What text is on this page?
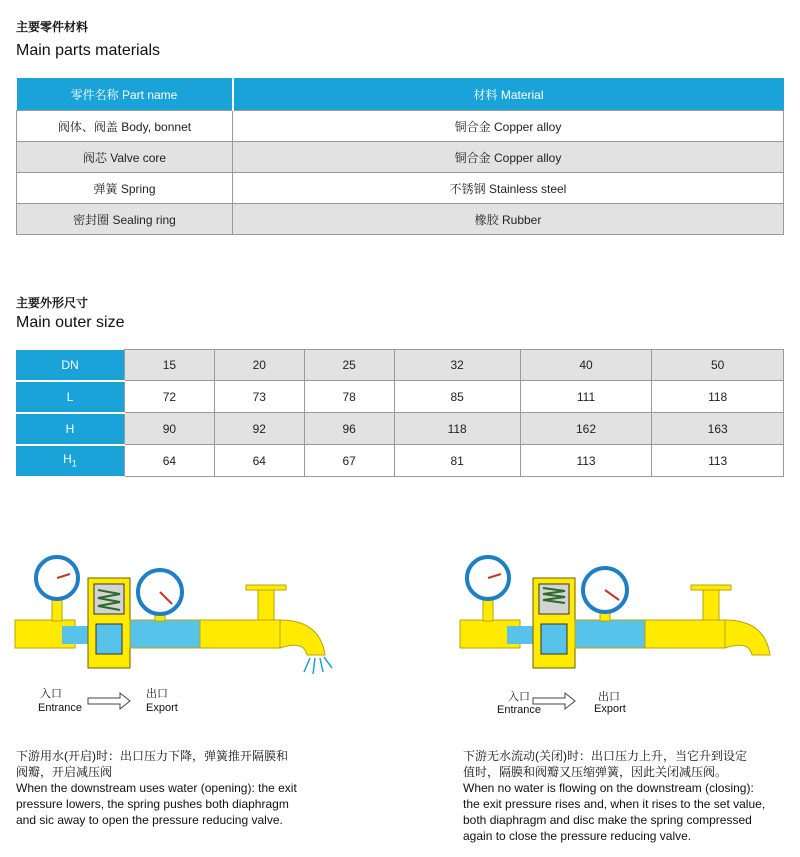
主要零件材料
Main parts materials
零件名称 Part name	材料 Material
阀体、阀盖 Body, bonnet	铜合金 Copper alloy
阀芯 Valve core	铜合金 Copper alloy
弹簧 Spring	不锈钢 Stainless steel
密封圈 Sealing ring	橡胶 Rubber
主要外形尺寸
Main outer size
DN	15	20	25	32	40	50
L	72	73	78	85	111	118
H	90	92	96	118	162	163
$H_1$	64	64	67	81	113	113
入口
Entrance
出口
Export
下游用水(开启)时：出口压力下降，弹簧推开隔膜和
阀瓣，开启减压阀
When the downstream uses water (opening): the exit
pressure lowers, the spring pushes both diaphragm
and sic away to open the pressure reducing valve.
入口
Entrance
出口
Export
下游无水流动(关闭)时：出口压力上升，当它升到设定
值时，隔膜和阀瓣又压缩弹簧，因此关闭减压阀。
When no water is flowing on the downstream (closing):
the exit pressure rises and, when it rises to the set value,
both diaphragm and disc make the spring compressed
again to close the pressure reducing valve.
